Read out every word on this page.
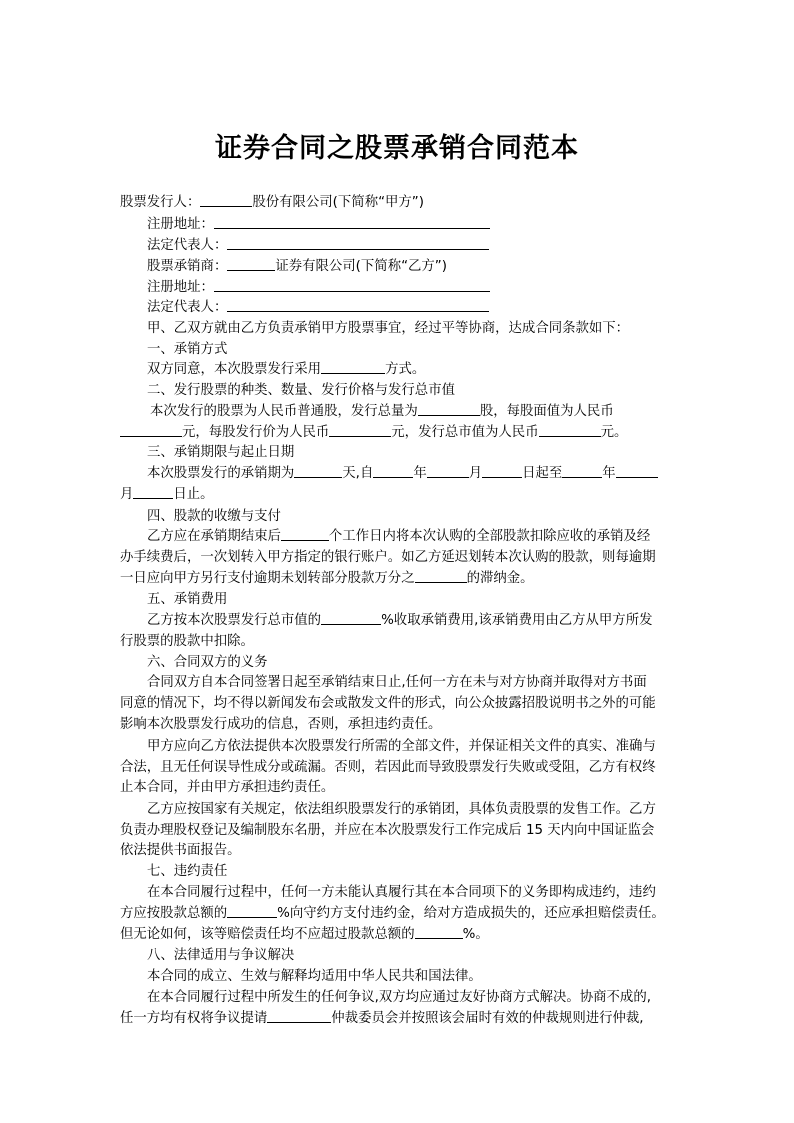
证券合同之股票承销合同范本
股票发行人：	股份有限公司(下简称“甲方”)
注册地址：
法定代表人：
股票承销商：	证券有限公司(下简称“乙方”)
注册地址：
法定代表人：
甲、乙双方就由乙方负责承销甲方股票事宜，经过平等协商，达成合同条款如下：
一、承销方式
双方同意，本次股票发行采用	方式。
二、发行股票的种类、数量、发行价格与发行总市值
本次发行的股票为人民币普通股，发行总量为	股，每股面值为人民币
元，每股发行价为人民币	元，发行总市值为人民币	元。
三、承销期限与起止日期
本次股票发行的承销期为	天,自	年	月	日起至	年
月	日止。
四、股款的收缴与支付
乙方应在承销期结束后	个工作日内将本次认购的全部股款扣除应收的承销及经
办手续费后，一次划转入甲方指定的银行账户。如乙方延迟划转本次认购的股款，则每逾期
一日应向甲方另行支付逾期未划转部分股款万分之	的滞纳金。
五、承销费用
乙方按本次股票发行总市值的	%收取承销费用,该承销费用由乙方从甲方所发
行股票的股款中扣除。
六、合同双方的义务
合同双方自本合同签署日起至承销结束日止,任何一方在未与对方协商并取得对方书面
同意的情况下，均不得以新闻发布会或散发文件的形式，向公众披露招股说明书之外的可能
影响本次股票发行成功的信息，否则，承担违约责任。
甲方应向乙方依法提供本次股票发行所需的全部文件，并保证相关文件的真实、准确与
合法，且无任何误导性成分或疏漏。否则，若因此而导致股票发行失败或受阻，乙方有权终
止本合同，并由甲方承担违约责任。
乙方应按国家有关规定，依法组织股票发行的承销团，具体负责股票的发售工作。乙方
负责办理股权登记及编制股东名册，并应在本次股票发行工作完成后 15 天内向中国证监会
依法提供书面报告。
七、违约责任
在本合同履行过程中，任何一方未能认真履行其在本合同项下的义务即构成违约，违约
方应按股款总额的	%向守约方支付违约金，给对方造成损失的，还应承担赔偿责任。
但无论如何，该等赔偿责任均不应超过股款总额的	%。
八、法律适用与争议解决
本合同的成立、生效与解释均适用中华人民共和国法律。
在本合同履行过程中所发生的任何争议,双方均应通过友好协商方式解决。协商不成的,
任一方均有权将争议提请	仲裁委员会并按照该会届时有效的仲裁规则进行仲裁,
